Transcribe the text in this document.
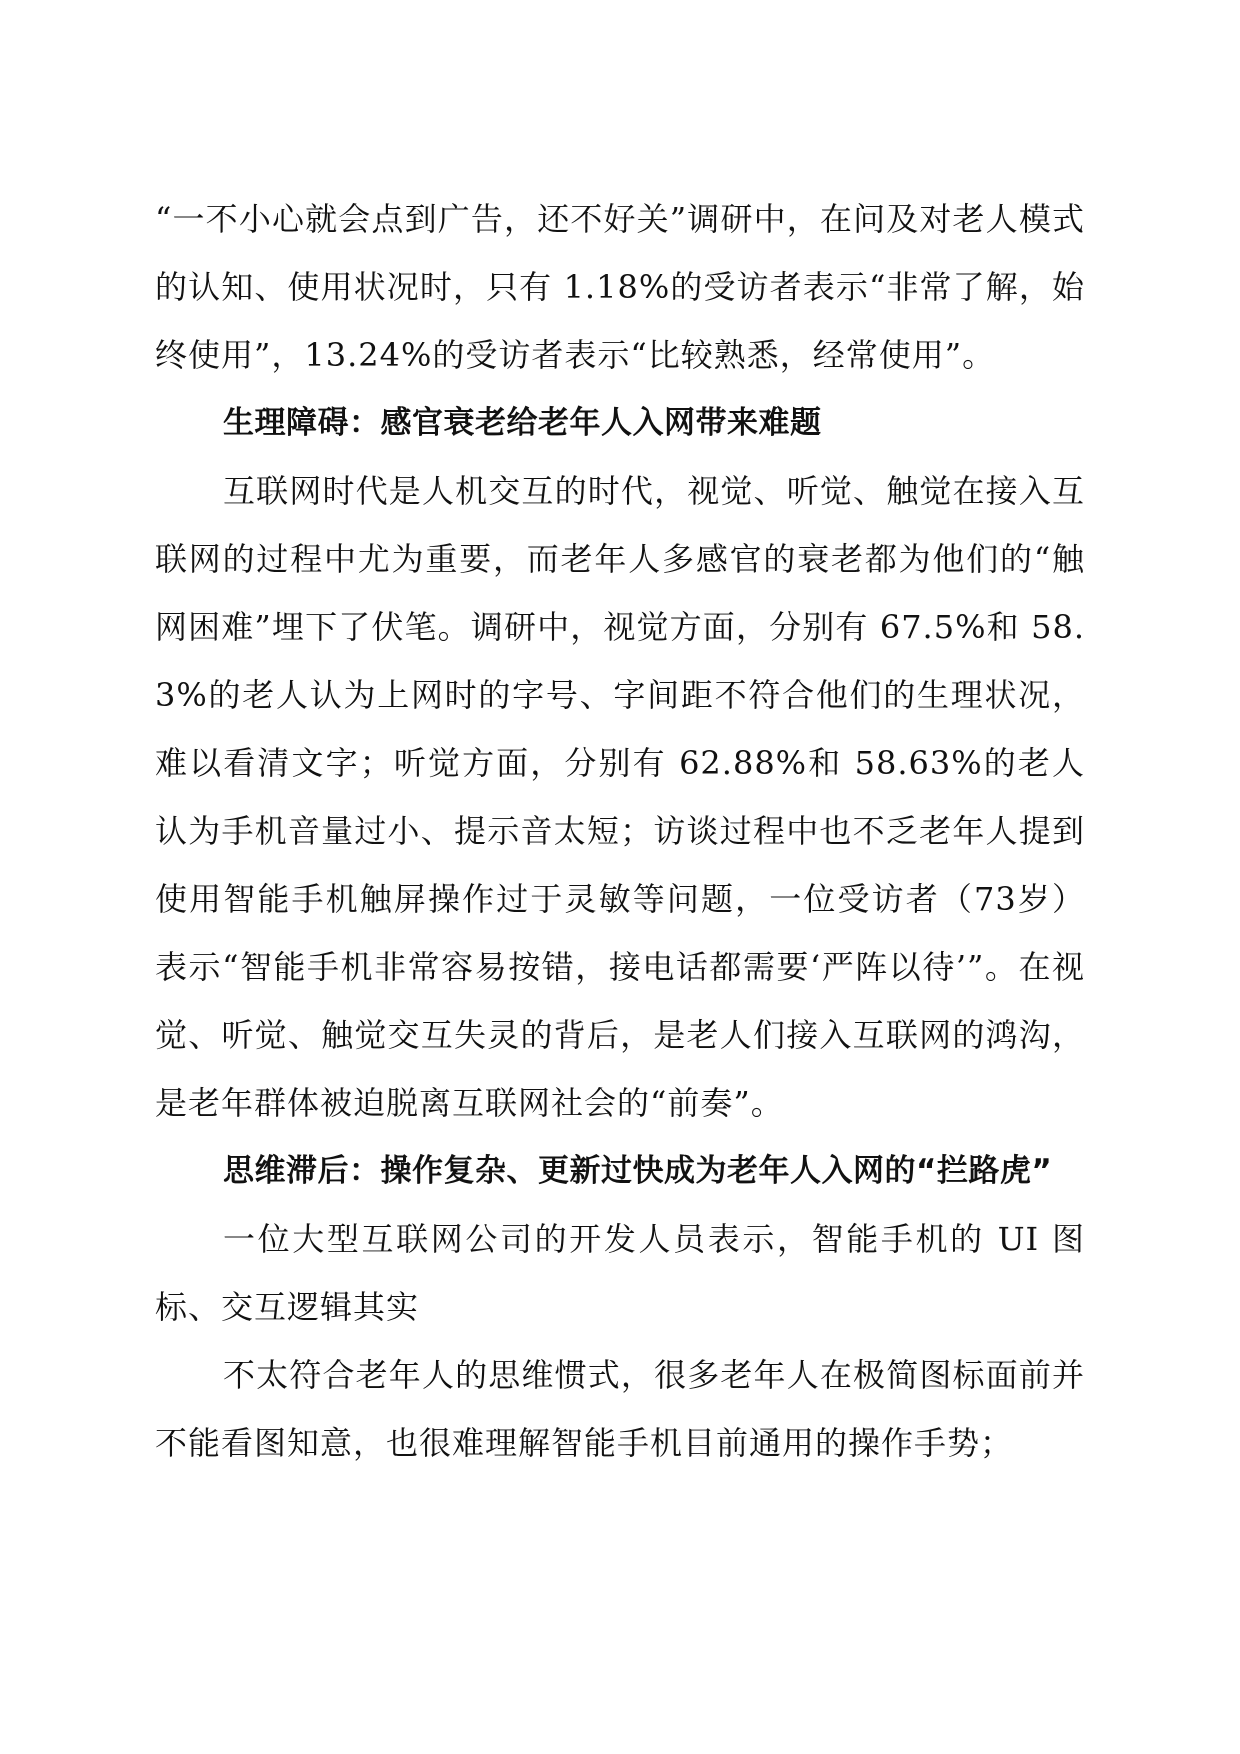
“一不小心就会点到广告，还不好关”调研中，在问及对老人模式的认知、使用状况时，只有 1.18%的受访者表示“非常了解，始终使用”，13.24%的受访者表示“比较熟悉，经常使用”。

生理障碍：感官衰老给老年人入网带来难题

互联网时代是人机交互的时代，视觉、听觉、触觉在接入互联网的过程中尤为重要，而老年人多感官的衰老都为他们的“触网困难”埋下了伏笔。调研中，视觉方面，分别有 67.5%和 58.3%的老人认为上网时的字号、字间距不符合他们的生理状况，难以看清文字；听觉方面，分别有 62.88%和 58.63%的老人认为手机音量过小、提示音太短；访谈过程中也不乏老年人提到使用智能手机触屏操作过于灵敏等问题，一位受访者（73岁）表示“智能手机非常容易按错，接电话都需要‘严阵以待’”。在视觉、听觉、触觉交互失灵的背后，是老人们接入互联网的鸿沟，是老年群体被迫脱离互联网社会的“前奏”。

思维滞后：操作复杂、更新过快成为老年人入网的“拦路虎”

一位大型互联网公司的开发人员表示，智能手机的 UI 图标、交互逻辑其实

不太符合老年人的思维惯式，很多老年人在极简图标面前并不能看图知意，也很难理解智能手机目前通用的操作手势；
